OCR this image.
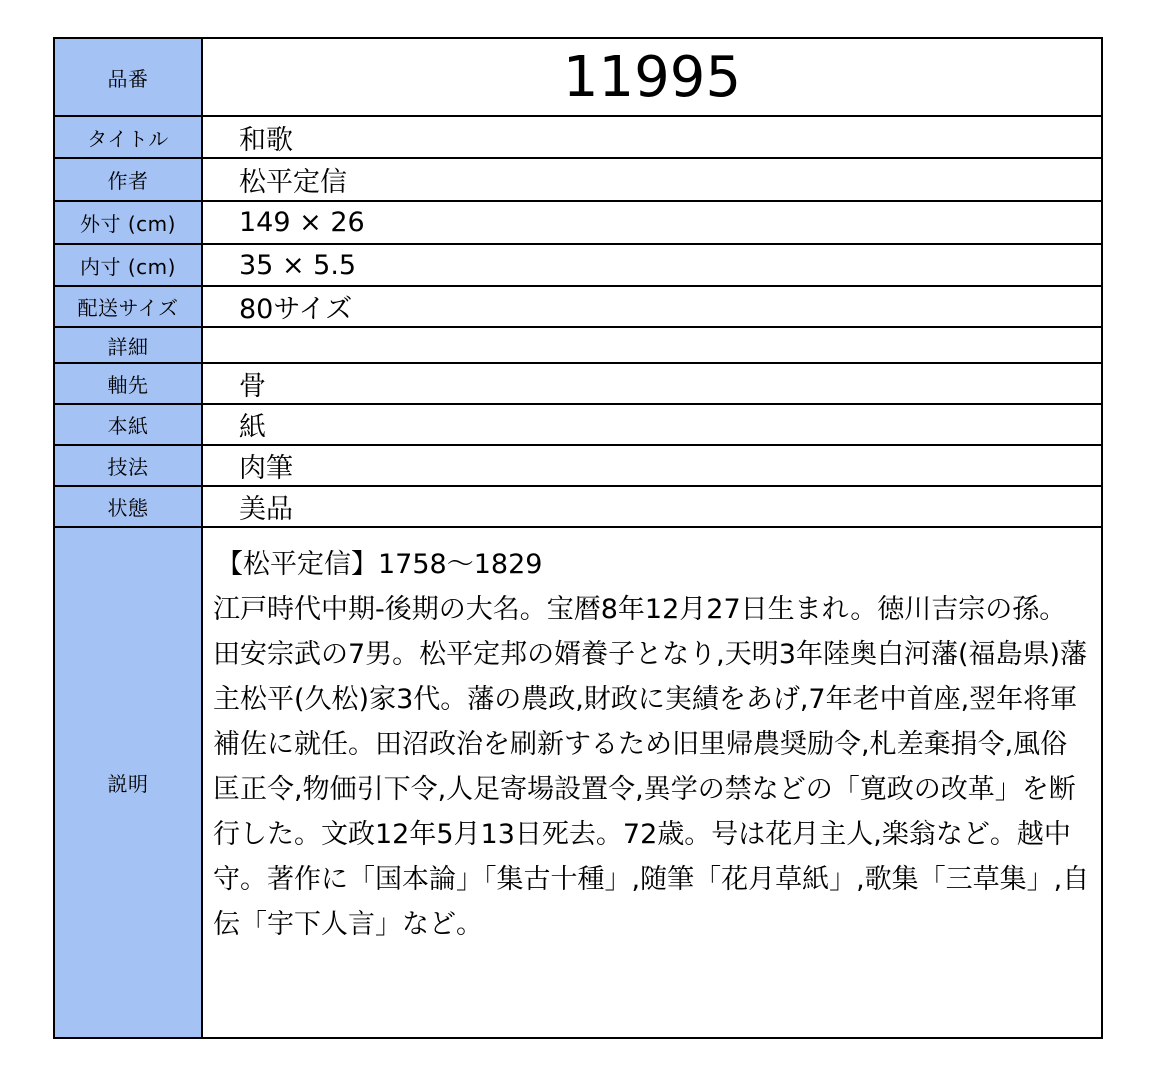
品番	11995
タイトル	和歌
作者	松平定信
外寸 (cm)	149 × 26
内寸 (cm)	35 × 5.5
配送サイズ	80サイズ
詳細	
軸先	骨
本紙	紙
技法	肉筆
状態	美品
説明	【松平定信】1758～1829
江戸時代中期-後期の大名。宝暦8年12月27日生まれ。徳川吉宗の孫。田安宗武の7男。松平定邦の婿養子となり,天明3年陸奥白河藩(福島県)藩主松平(久松)家3代。藩の農政,財政に実績をあげ,7年老中首座,翌年将軍補佐に就任。田沼政治を刷新するため旧里帰農奨励令,札差棄捐令,風俗匡正令,物価引下令,人足寄場設置令,異学の禁などの「寛政の改革」を断行した。文政12年5月13日死去。72歳。号は花月主人,楽翁など。越中守。著作に「国本論」「集古十種」,随筆「花月草紙」,歌集「三草集」,自伝「宇下人言」など。
